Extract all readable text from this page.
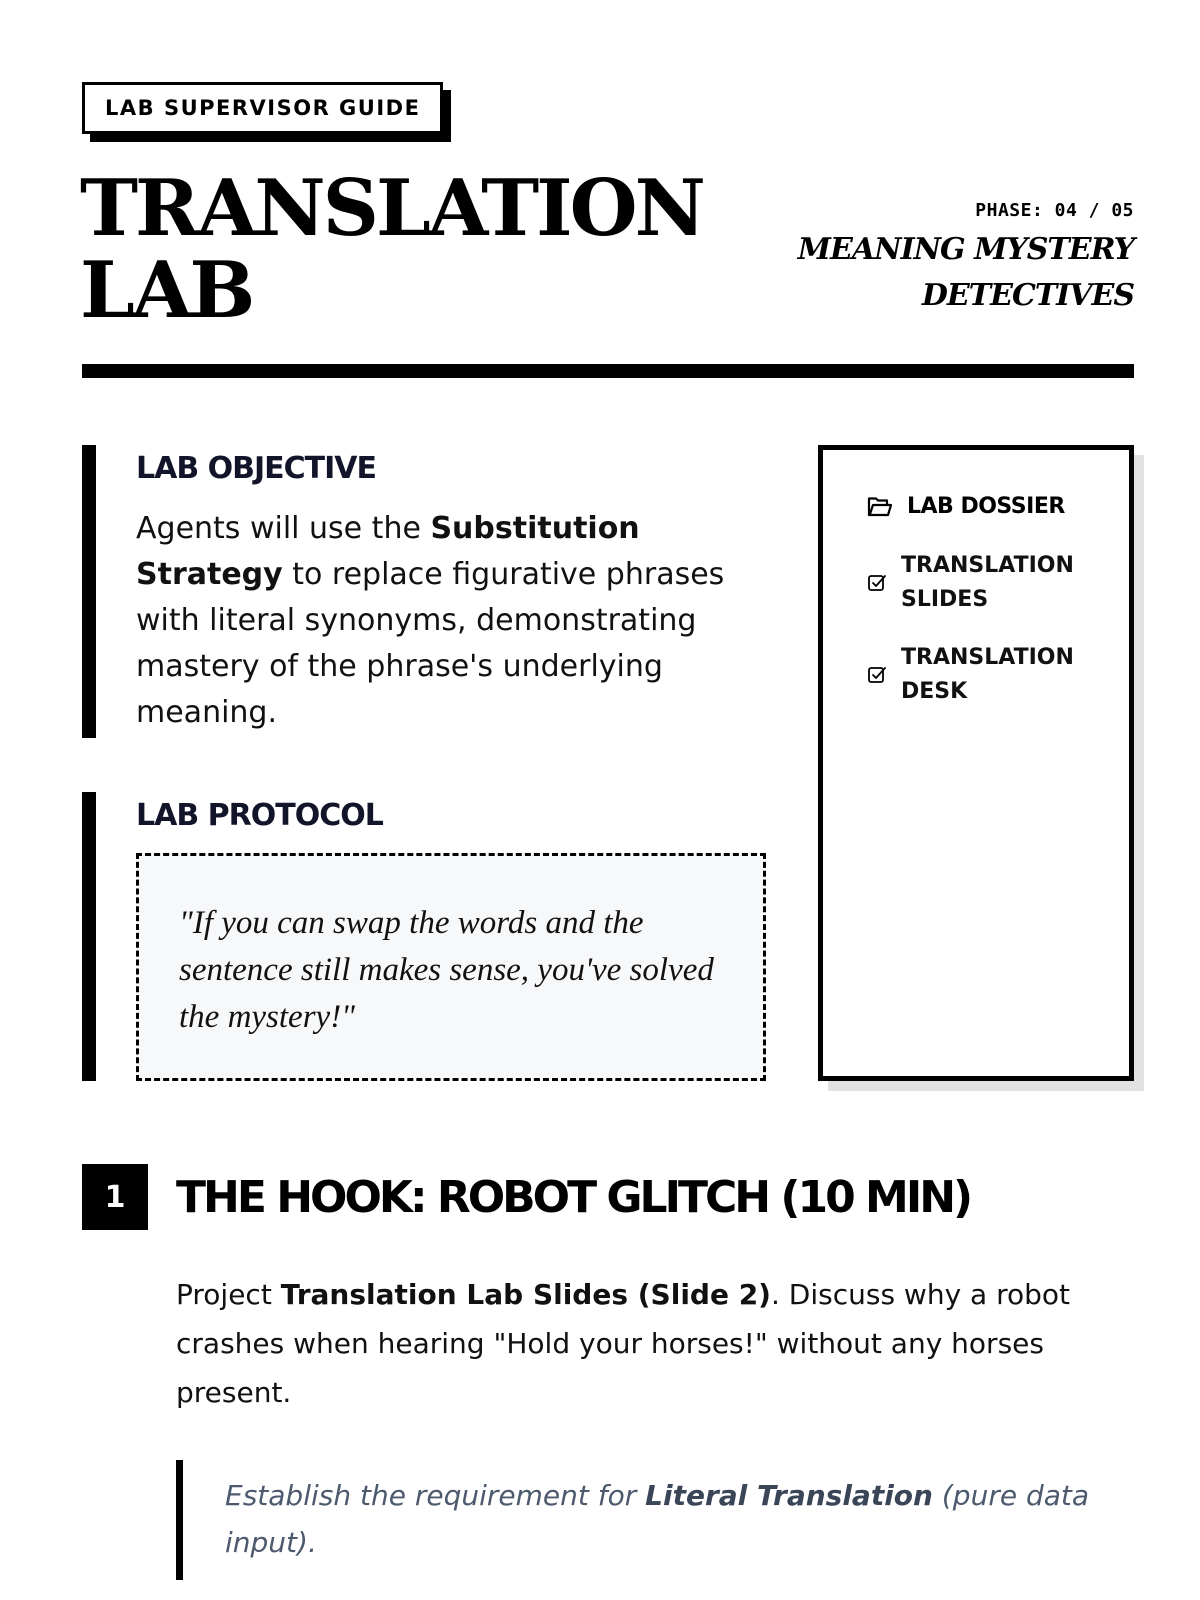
LAB SUPERVISOR GUIDE
TRANSLATION
LAB
PHASE: 04 / 05
MEANING MYSTERY DETECTIVES
LAB OBJECTIVE

Agents will use the Substitution Strategy to replace figurative phrases with literal synonyms, demonstrating mastery of the phrase's underlying meaning.

LAB PROTOCOL
"If you can swap the words and the sentence still makes sense, you've solved the mystery!"
LAB DOSSIER
TRANSLATION SLIDES
TRANSLATION DESK
1	THE HOOK: ROBOT GLITCH (10 MIN)

Project Translation Lab Slides (Slide 2). Discuss why a robot crashes when hearing "Hold your horses!" without any horses present.

Establish the requirement for Literal Translation (pure data input).
